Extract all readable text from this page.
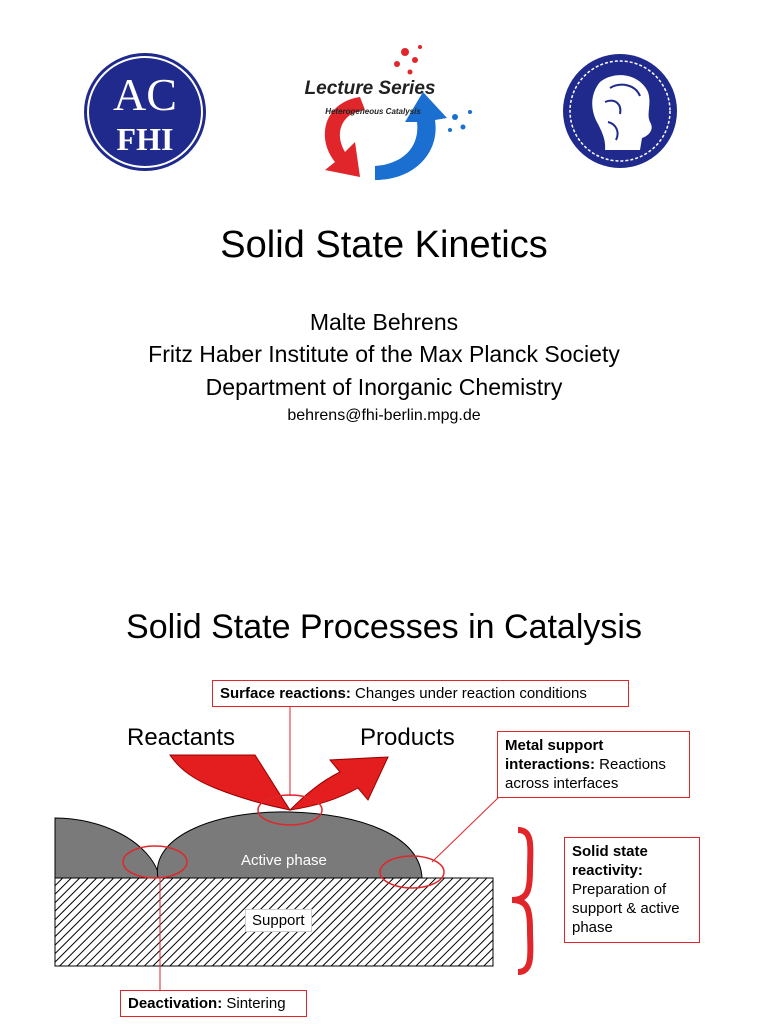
AC
FHI
Lecture Series
Heterogeneous Catalysis
Solid State Kinetics
Malte Behrens
Fritz Haber Institute of the Max Planck Society
Department of Inorganic Chemistry
behrens@fhi-berlin.mpg.de
Solid State Processes in Catalysis
Reactants	Products
Active phase
Support
Surface reactions: Changes under reaction conditions
Metal support interactions: Reactions across interfaces
Solid state reactivity: Preparation of support & active phase
Deactivation: Sintering
